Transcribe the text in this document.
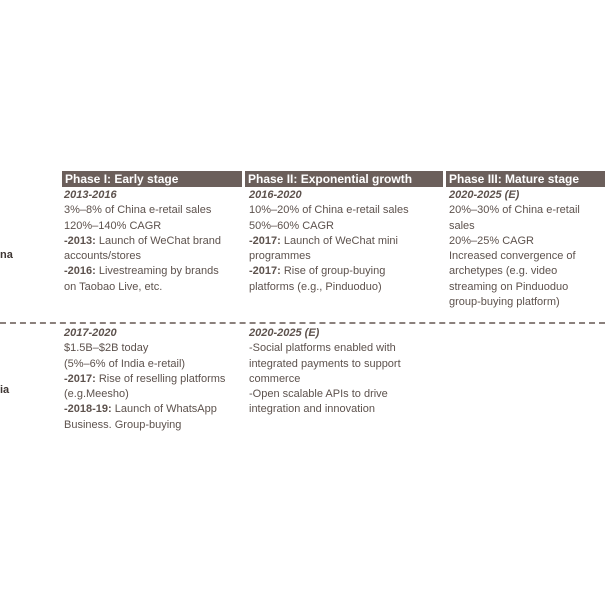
Phase I: Early stage	Phase II: Exponential growth	Phase III: Mature stage
na
ia
2013-2016
3%–8% of China e-retail sales
120%–140% CAGR
-2013: Launch of WeChat brand
accounts/stores
-2016: Livestreaming by brands
on Taobao Live, etc.
2016-2020
10%–20% of China e-retail sales
50%–60% CAGR
-2017: Launch of WeChat mini
programmes
-2017: Rise of group-buying
platforms (e.g., Pinduoduo)
2020-2025 (E)
20%–30% of China e-retail
sales
20%–25% CAGR
Increased convergence of
archetypes (e.g. video
streaming on Pinduoduo
group-buying platform)
2017-2020
$1.5B–$2B today
(5%–6% of India e-retail)
-2017: Rise of reselling platforms
(e.g.Meesho)
-2018-19: Launch of WhatsApp
Business. Group-buying
2020-2025 (E)
-Social platforms enabled with
integrated payments to support
commerce
-Open scalable APIs to drive
integration and innovation
